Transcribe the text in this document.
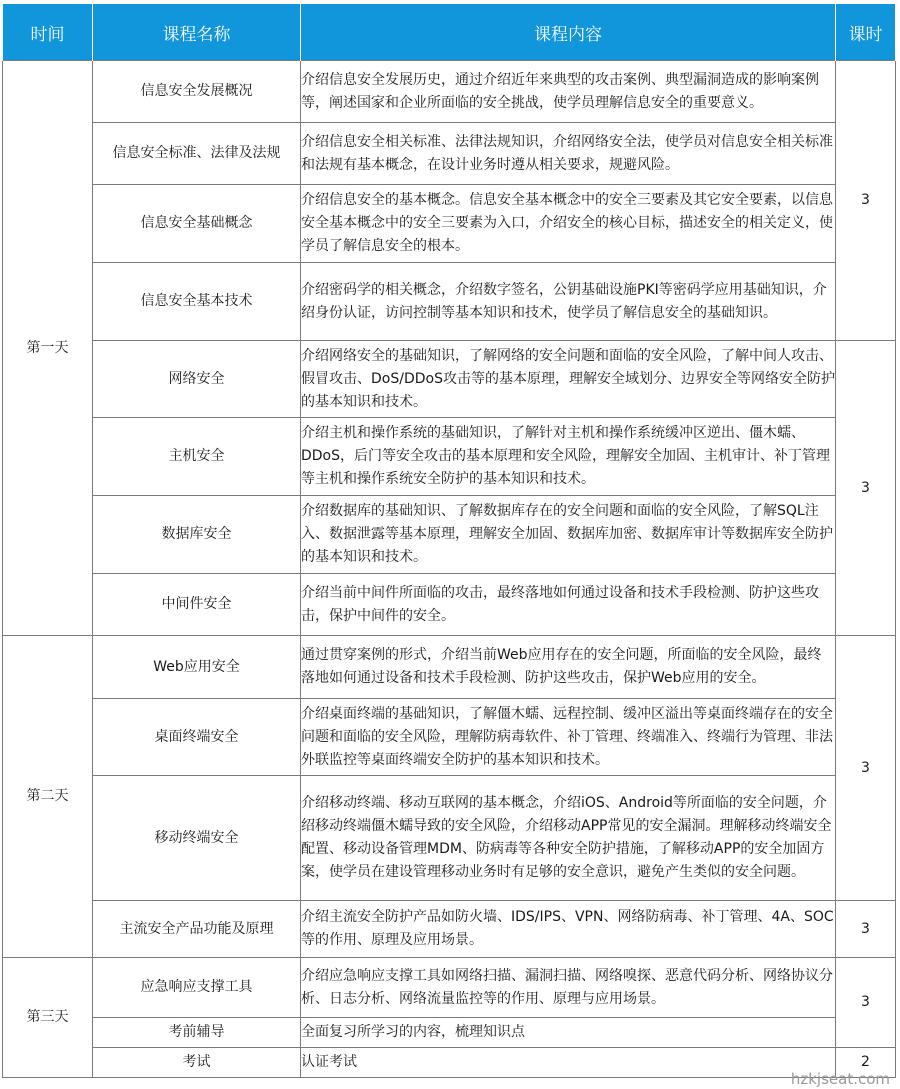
时间	课程名称	课程内容	课时
第一天	信息安全发展概况	介绍信息安全发展历史，通过介绍近年来典型的攻击案例、典型漏洞造成的影响案例等，阐述国家和企业所面临的安全挑战，使学员理解信息安全的重要意义。	3
	信息安全标准、法律及法规	介绍信息安全相关标准、法律法规知识，介绍网络安全法，使学员对信息安全相关标准和法规有基本概念，在设计业务时遵从相关要求，规避风险。	
	信息安全基础概念	介绍信息安全的基本概念。信息安全基本概念中的安全三要素及其它安全要素，以信息安全基本概念中的安全三要素为入口，介绍安全的核心目标，描述安全的相关定义，使学员了解信息安全的根本。	
	信息安全基本技术	介绍密码学的相关概念，介绍数字签名，公钥基础设施PKI等密码学应用基础知识，介绍身份认证，访问控制等基本知识和技术，使学员了解信息安全的基础知识。	
	网络安全	介绍网络安全的基础知识，了解网络的安全问题和面临的安全风险，了解中间人攻击、假冒攻击、DoS/DDoS攻击等的基本原理，理解安全域划分、边界安全等网络安全防护的基本知识和技术。	3
	主机安全	介绍主机和操作系统的基础知识，了解针对主机和操作系统缓冲区逆出、僵木蠕、DDoS，后门等安全攻击的基本原理和安全风险，理解安全加固、主机审计、补丁管理等主机和操作系统安全防护的基本知识和技术。	
	数据库安全	介绍数据库的基础知识、了解数据库存在的安全问题和面临的安全风险，了解SQL注入、数据泄露等基本原理，理解安全加固、数据库加密、数据库审计等数据库安全防护的基本知识和技术。	
	中间件安全	介绍当前中间件所面临的攻击，最终落地如何通过设备和技术手段检测、防护这些攻击，保护中间件的安全。	
第二天	Web应用安全	通过贯穿案例的形式，介绍当前Web应用存在的安全问题，所面临的安全风险，最终落地如何通过设备和技术手段检测、防护这些攻击，保护Web应用的安全。	3
	桌面终端安全	介绍桌面终端的基础知识，了解僵木蠕、远程控制、缓冲区溢出等桌面终端存在的安全问题和面临的安全风险，理解防病毒软件、补丁管理、终端准入、终端行为管理、非法外联监控等桌面终端安全防护的基本知识和技术。	
	移动终端安全	介绍移动终端、移动互联网的基本概念，介绍iOS、Android等所面临的安全问题，介绍移动终端僵木蠕导致的安全风险，介绍移动APP常见的安全漏洞。理解移动终端安全配置、移动设备管理MDM、防病毒等各种安全防护措施，了解移动APP的安全加固方案，使学员在建设管理移动业务时有足够的安全意识，避免产生类似的安全问题。	
	主流安全产品功能及原理	介绍主流安全防护产品如防火墙、IDS/IPS、VPN、网络防病毒、补丁管理、4A、SOC等的作用、原理及应用场景。	3
第三天	应急响应支撑工具	介绍应急响应支撑工具如网络扫描、漏洞扫描、网络嗅探、恶意代码分析、网络协议分析、日志分析、网络流量监控等的作用、原理与应用场景。	3
	考前辅导	全面复习所学习的内容，梳理知识点	
	考试	认证考试	2
hzkjseat.com
